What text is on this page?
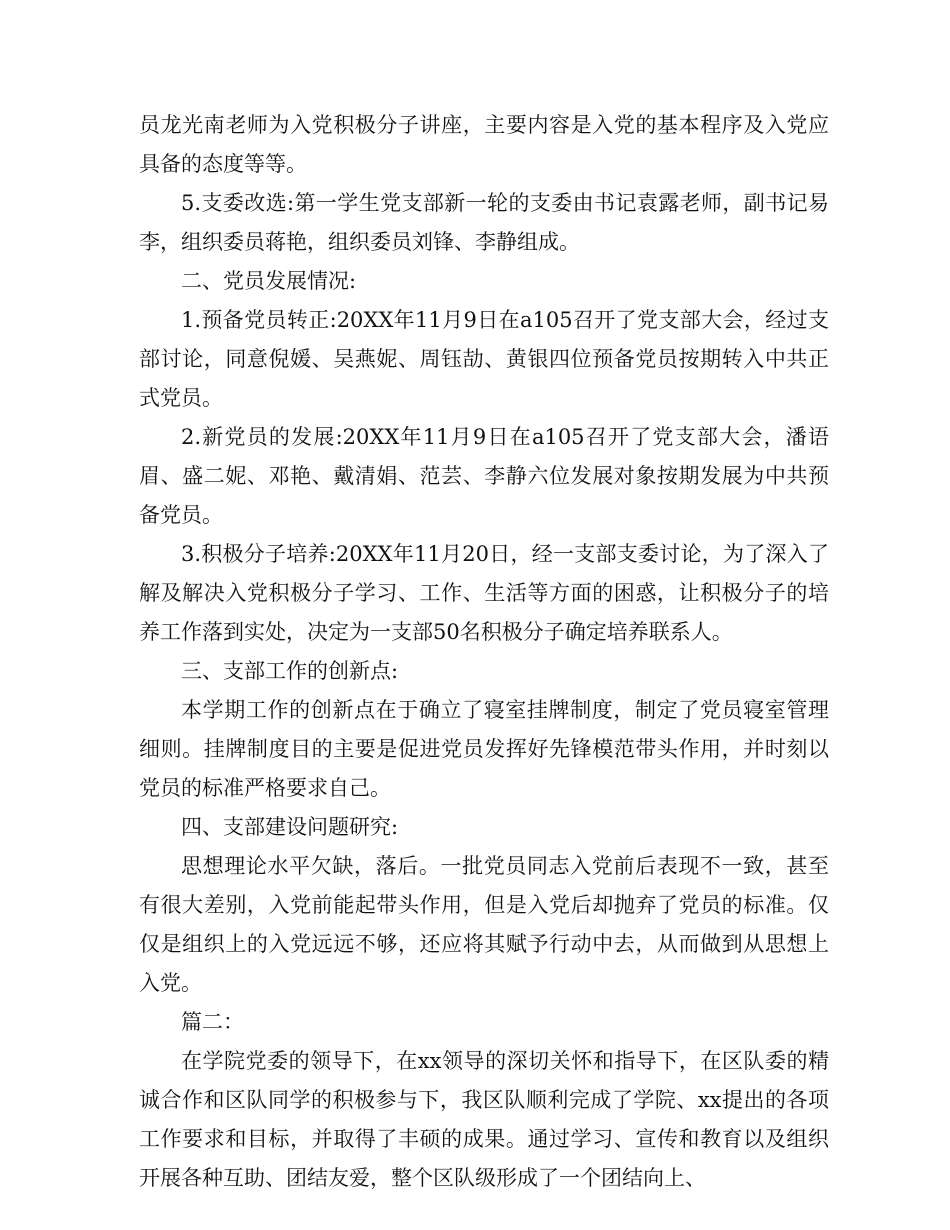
员龙光南老师为入党积极分子讲座，主要内容是入党的基本程序及入党应具备的态度等等。

5.支委改选:第一学生党支部新一轮的支委由书记袁露老师，副书记易李，组织委员蒋艳，组织委员刘锋、李静组成。

二、党员发展情况:

1.预备党员转正:20XX年11月9日在a105召开了党支部大会，经过支部讨论，同意倪媛、吴燕妮、周钰劼、黄银四位预备党员按期转入中共正式党员。

2.新党员的发展:20XX年11月9日在a105召开了党支部大会，潘语眉、盛二妮、邓艳、戴清娟、范芸、李静六位发展对象按期发展为中共预备党员。

3.积极分子培养:20XX年11月20日，经一支部支委讨论，为了深入了解及解决入党积极分子学习、工作、生活等方面的困惑，让积极分子的培养工作落到实处，决定为一支部50名积极分子确定培养联系人。

三、支部工作的创新点:

本学期工作的创新点在于确立了寝室挂牌制度，制定了党员寝室管理细则。挂牌制度目的主要是促进党员发挥好先锋模范带头作用，并时刻以党员的标准严格要求自己。

四、支部建设问题研究:

思想理论水平欠缺，落后。一批党员同志入党前后表现不一致，甚至有很大差别，入党前能起带头作用，但是入党后却抛弃了党员的标准。仅仅是组织上的入党远远不够，还应将其赋予行动中去，从而做到从思想上入党。

篇二：

在学院党委的领导下，在xx领导的深切关怀和指导下，在区队委的精诚合作和区队同学的积极参与下，我区队顺利完成了学院、xx提出的各项工作要求和目标，并取得了丰硕的成果。通过学习、宣传和教育以及组织开展各种互助、团结友爱，整个区队级形成了一个团结向上、
